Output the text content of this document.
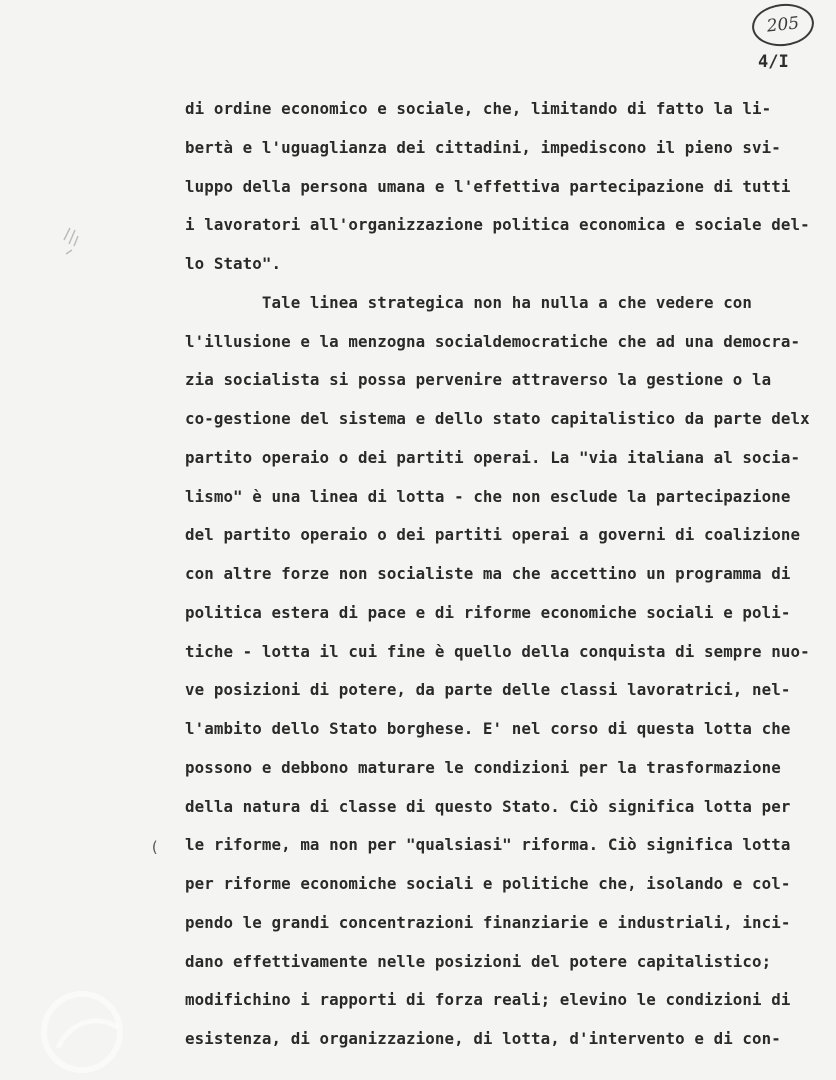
205
4/I
(
di ordine economico e sociale, che, limitando di fatto la li-
bertà e l'uguaglianza dei cittadini, impediscono il pieno svi-
luppo della persona umana e l'effettiva partecipazione di tutti
i lavoratori all'organizzazione politica economica e sociale del-
lo Stato".
Tale linea strategica non ha nulla a che vedere con
l'illusione e la menzogna socialdemocratiche che ad una democra-
zia socialista si possa pervenire attraverso la gestione o la
co-gestione del sistema e dello stato capitalistico da parte delx
partito operaio o dei partiti operai. La "via italiana al socia-
lismo" è una linea di lotta - che non esclude la partecipazione
del partito operaio o dei partiti operai a governi di coalizione
con altre forze non socialiste ma che accettino un programma di
politica estera di pace e di riforme economiche sociali e poli-
tiche - lotta il cui fine è quello della conquista di sempre nuo-
ve posizioni di potere, da parte delle classi lavoratrici, nel-
l'ambito dello Stato borghese. E' nel corso di questa lotta che
possono e debbono maturare le condizioni per la trasformazione
della natura di classe di questo Stato. Ciò significa lotta per
le riforme, ma non per "qualsiasi" riforma. Ciò significa lotta
per riforme economiche sociali e politiche che, isolando e col-
pendo le grandi concentrazioni finanziarie e industriali, inci-
dano effettivamente nelle posizioni del potere capitalistico;
modifichino i rapporti di forza reali; elevino le condizioni di
esistenza, di organizzazione, di lotta, d'intervento e di con-
